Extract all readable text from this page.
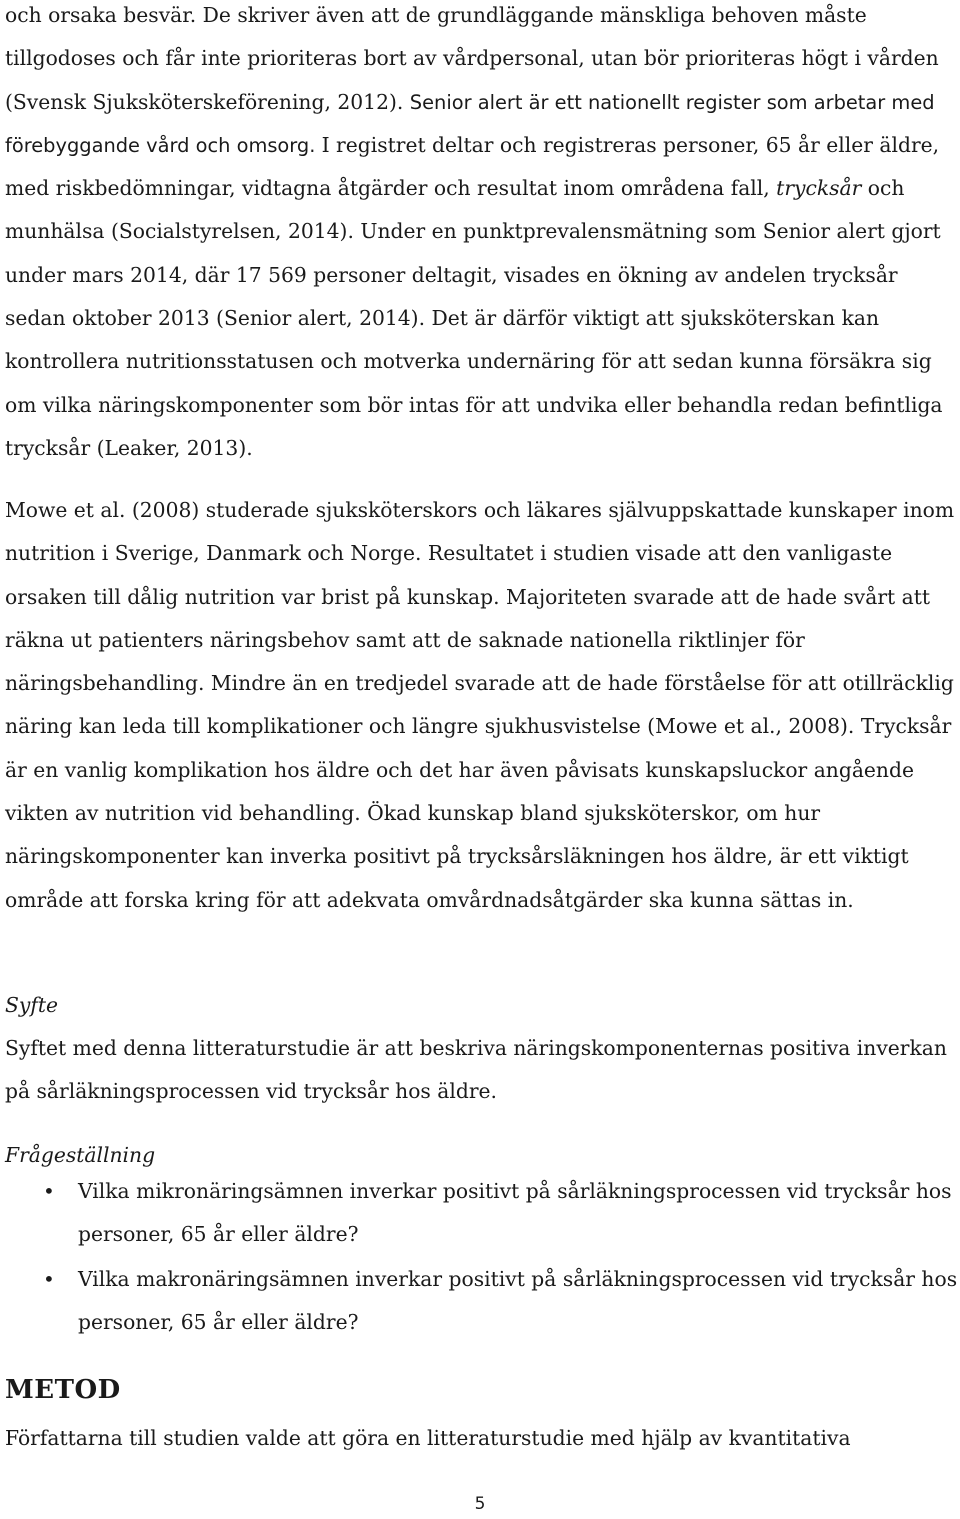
och orsaka besvär. De skriver även att de grundläggande mänskliga behoven måste tillgodoses och får inte prioriteras bort av vårdpersonal, utan bör prioriteras högt i vården (Svensk Sjuksköterskeförening, 2012). Senior alert är ett nationellt register som arbetar med förebyggande vård och omsorg. I registret deltar och registreras personer, 65 år eller äldre, med riskbedömningar, vidtagna åtgärder och resultat inom områdena fall, trycksår och munhälsa (Socialstyrelsen, 2014). Under en punktprevalensmätning som Senior alert gjort under mars 2014, där 17 569 personer deltagit, visades en ökning av andelen trycksår sedan oktober 2013 (Senior alert, 2014). Det är därför viktigt att sjuksköterskan kan kontrollera nutritionsstatusen och motverka undernäring för att sedan kunna försäkra sig om vilka näringskomponenter som bör intas för att undvika eller behandla redan befintliga trycksår (Leaker, 2013).

Mowe et al. (2008) studerade sjuksköterskors och läkares självuppskattade kunskaper inom nutrition i Sverige, Danmark och Norge. Resultatet i studien visade att den vanligaste orsaken till dålig nutrition var brist på kunskap. Majoriteten svarade att de hade svårt att räkna ut patienters näringsbehov samt att de saknade nationella riktlinjer för näringsbehandling. Mindre än en tredjedel svarade att de hade förståelse för att otillräcklig näring kan leda till komplikationer och längre sjukhusvistelse (Mowe et al., 2008). Trycksår är en vanlig komplikation hos äldre och det har även påvisats kunskapsluckor angående vikten av nutrition vid behandling. Ökad kunskap bland sjuksköterskor, om hur näringskomponenter kan inverka positivt på trycksårsläkningen hos äldre, är ett viktigt område att forska kring för att adekvata omvårdnadsåtgärder ska kunna sättas in.

Syfte

Syftet med denna litteraturstudie är att beskriva näringskomponenternas positiva inverkan på sårläkningsprocessen vid trycksår hos äldre.

Frågeställning
• Vilka mikronäringsämnen inverkar positivt på sårläkningsprocessen vid trycksår hos personer, 65 år eller äldre?
• Vilka makronäringsämnen inverkar positivt på sårläkningsprocessen vid trycksår hos personer, 65 år eller äldre?
METOD

Författarna till studien valde att göra en litteraturstudie med hjälp av kvantitativa

5
